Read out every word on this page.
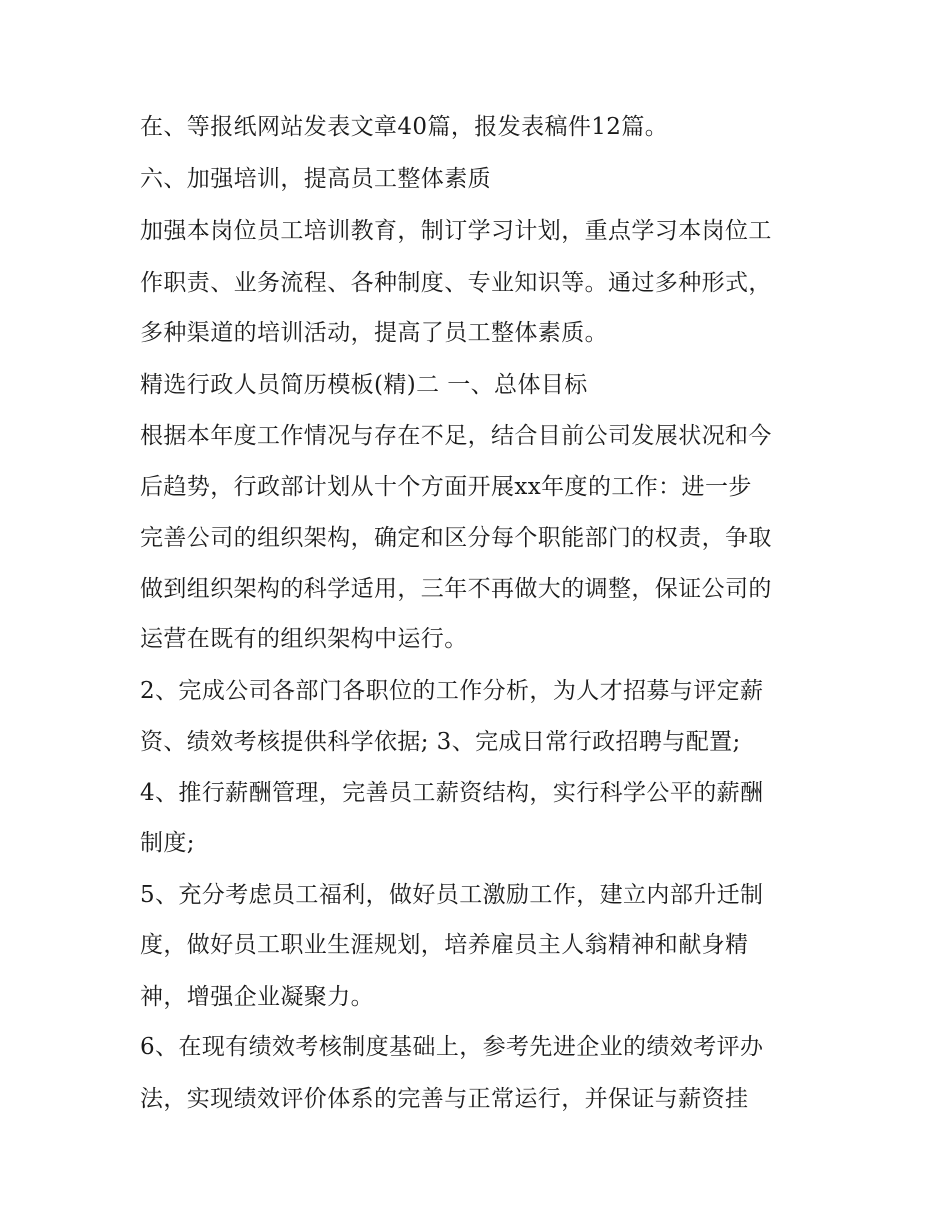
在、等报纸网站发表文章40篇，报发表稿件12篇。
六、加强培训，提高员工整体素质
加强本岗位员工培训教育，制订学习计划，重点学习本岗位工
作职责、业务流程、各种制度、专业知识等。通过多种形式，
多种渠道的培训活动，提高了员工整体素质。
精选行政人员简历模板(精)二 一、总体目标
根据本年度工作情况与存在不足，结合目前公司发展状况和今
后趋势，行政部计划从十个方面开展xx年度的工作：进一步
完善公司的组织架构，确定和区分每个职能部门的权责，争取
做到组织架构的科学适用，三年不再做大的调整，保证公司的
运营在既有的组织架构中运行。
2、完成公司各部门各职位的工作分析，为人才招募与评定薪
资、绩效考核提供科学依据; 3、完成日常行政招聘与配置;
4、推行薪酬管理，完善员工薪资结构，实行科学公平的薪酬
制度;
5、充分考虑员工福利，做好员工激励工作，建立内部升迁制
度，做好员工职业生涯规划，培养雇员主人翁精神和献身精
神，增强企业凝聚力。
6、在现有绩效考核制度基础上，参考先进企业的绩效考评办
法，实现绩效评价体系的完善与正常运行，并保证与薪资挂
